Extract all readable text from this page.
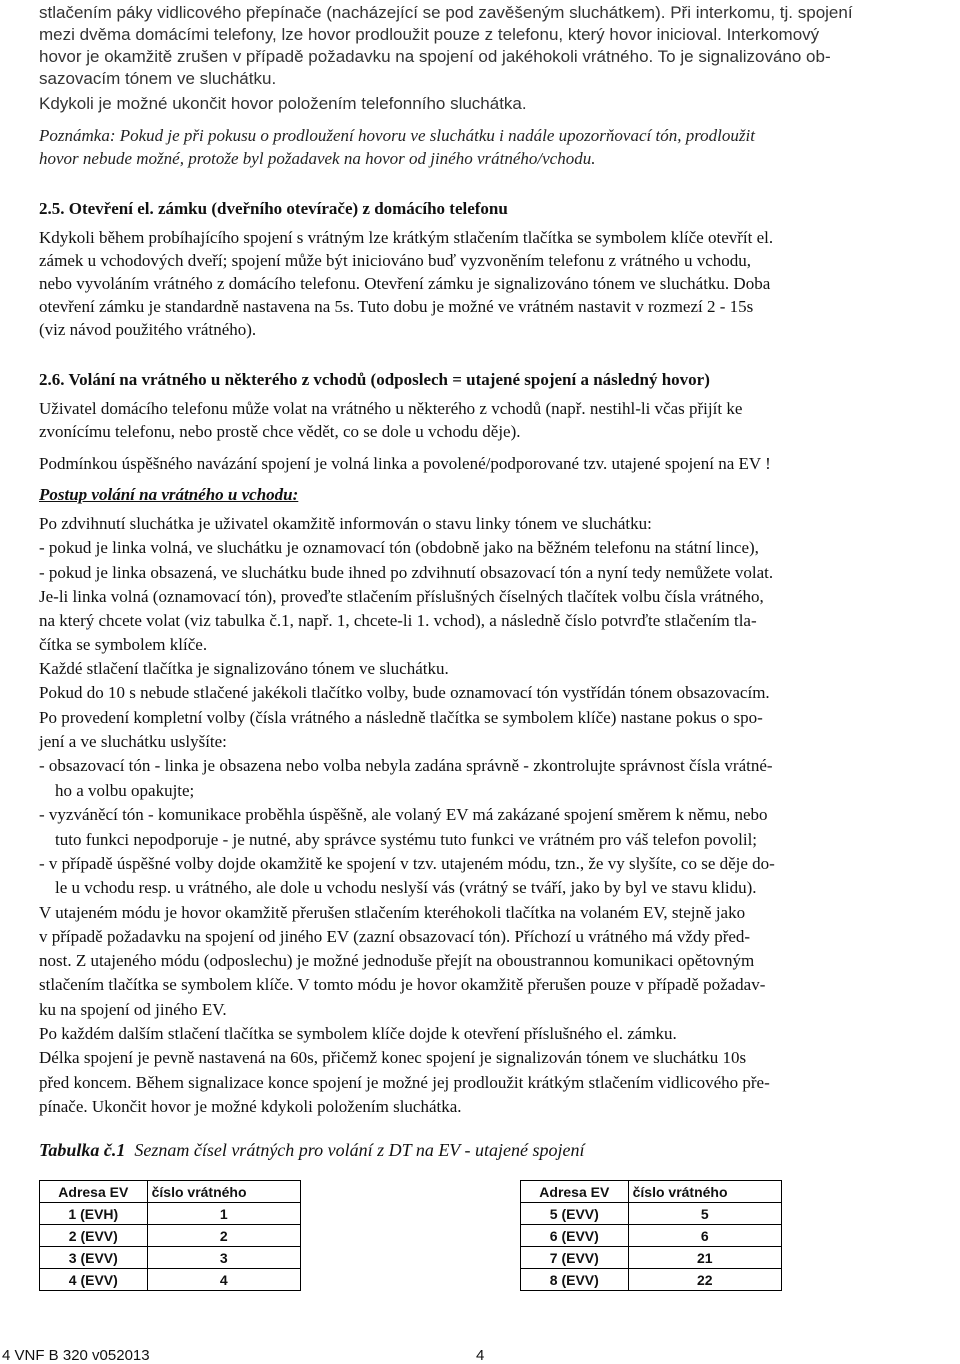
stlačením páky vidlicového přepínače (nacházející se pod zavěšeným sluchátkem). Při interkomu, tj. spojení

mezi dvěma domácími telefony, lze hovor prodloužit pouze z telefonu, který hovor inicioval. Interkomový

hovor je okamžitě zrušen v případě požadavku na spojení od jakéhokoli vrátného. To je signalizováno ob-

sazovacím tónem ve sluchátku.

Kdykoli je možné ukončit hovor položením telefonního sluchátka.

Poznámka: Pokud je při pokusu o prodloužení hovoru ve sluchátku i nadále upozorňovací tón, prodloužit

hovor nebude možné, protože byl požadavek na hovor od jiného vrátného/vchodu.

2.5. Otevření el. zámku (dveřního otevírače) z domácího telefonu

Kdykoli během probíhajícího spojení s vrátným lze krátkým stlačením tlačítka se symbolem klíče otevřít el.

zámek u vchodových dveří; spojení může být iniciováno buď vyzvoněním telefonu z vrátného u vchodu,

nebo vyvoláním vrátného z domácího telefonu. Otevření zámku je signalizováno tónem ve sluchátku. Doba

otevření zámku je standardně nastavena na 5s. Tuto dobu je možné ve vrátném nastavit v rozmezí 2 - 15s

(viz návod použitého vrátného).

2.6. Volání na vrátného u některého z vchodů (odposlech = utajené spojení a následný hovor)

Uživatel domácího telefonu může volat na vrátného u některého z vchodů (např. nestihl-li včas přijít ke

zvonícímu telefonu, nebo prostě chce vědět, co se dole u vchodu děje).

Podmínkou úspěšného navázání spojení je volná linka a povolené/podporované tzv. utajené spojení na EV !

Postup volání na vrátného u vchodu:

Po zdvihnutí sluchátka je uživatel okamžitě informován o stavu linky tónem ve sluchátku:

- pokud je linka volná, ve sluchátku je oznamovací tón (obdobně jako na běžném telefonu na státní lince),

- pokud je linka obsazená, ve sluchátku bude ihned po zdvihnutí obsazovací tón a nyní tedy nemůžete volat.

Je-li linka volná (oznamovací tón), proveďte stlačením příslušných číselných tlačítek volbu čísla vrátného,

na který chcete volat (viz tabulka č.1, např. 1, chcete-li 1. vchod), a následně číslo potvrďte stlačením tla-

čítka se symbolem klíče.

Každé stlačení tlačítka je signalizováno tónem ve sluchátku.

Pokud do 10 s nebude stlačené jakékoli tlačítko volby, bude oznamovací tón vystřídán tónem obsazovacím.

Po provedení kompletní volby (čísla vrátného a následně tlačítka se symbolem klíče) nastane pokus o spo-

jení a ve sluchátku uslyšíte:

- obsazovací tón - linka je obsazena nebo volba nebyla zadána správně - zkontrolujte správnost čísla vrátné-

ho a volbu opakujte;

- vyzváněcí tón - komunikace proběhla úspěšně, ale volaný EV má zakázané spojení směrem k němu, nebo

tuto funkci nepodporuje - je nutné, aby správce systému tuto funkci ve vrátném pro váš telefon povolil;

- v případě úspěšné volby dojde okamžitě ke spojení v tzv. utajeném módu, tzn., že vy slyšíte, co se děje do-

le u vchodu resp. u vrátného, ale dole u vchodu neslyší vás (vrátný se tváří, jako by byl ve stavu klidu).

V utajeném módu je hovor okamžitě přerušen stlačením kteréhokoli tlačítka na volaném EV, stejně jako

v případě požadavku na spojení od jiného EV (zazní obsazovací tón). Příchozí u vrátného má vždy před-

nost. Z utajeného módu (odposlechu) je možné jednoduše přejít na oboustrannou komunikaci opětovným

stlačením tlačítka se symbolem klíče. V tomto módu je hovor okamžitě přerušen pouze v případě požadav-

ku na spojení od jiného EV.

Po každém dalším stlačení tlačítka se symbolem klíče dojde k otevření příslušného el. zámku.

Délka spojení je pevně nastavená na 60s, přičemž konec spojení je signalizován tónem ve sluchátku 10s

před koncem. Během signalizace konce spojení je možné jej prodloužit krátkým stlačením vidlicového pře-

pínače. Ukončit hovor je možné kdykoli položením sluchátka.

Tabulka č.1 Seznam čísel vrátných pro volání z DT na EV - utajené spojení

Adresa EV	číslo vrátného
1 (EVH)	1
2 (EVV)	2
3 (EVV)	3
4 (EVV)	4
Adresa EV	číslo vrátného
5 (EVV)	5
6 (EVV)	6
7 (EVV)	21
8 (EVV)	22
4 VNF B 320 v052013	4
